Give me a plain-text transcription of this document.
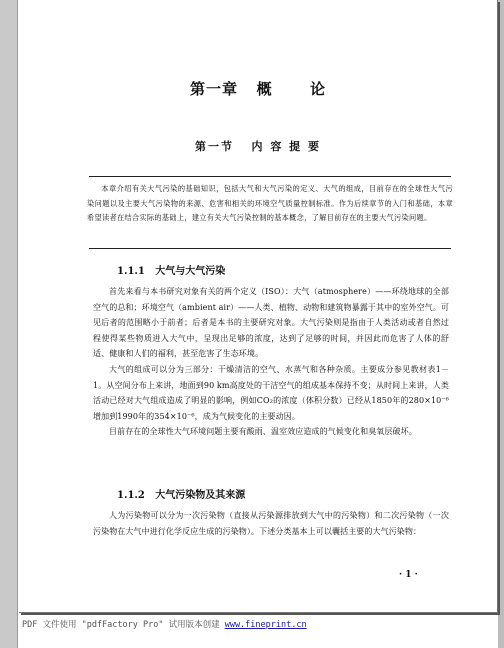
第一章   概      论
第一节   内 容 提 要

本章介绍有关大气污染的基础知识，包括大气和大气污染的定义、大气的组成，目前存在的全球性大气污染问题以及主要大气污染物的来源、危害和相关的环境空气质量控制标准。作为后续章节的入门和基础，本章希望读者在结合实际的基础上，建立有关大气污染控制的基本概念，了解目前存在的主要大气污染问题。

1.1.1   大气与大气污染

首先来看与本书研究对象有关的两个定义（ISO）：大气（atmosphere）——环绕地球的全部空气的总和；环境空气（ambient air）——人类、植物、动物和建筑物暴露于其中的室外空气。可见后者的范围略小于前者；后者是本书的主要研究对象。大气污染则是指由于人类活动或者自然过程使得某些物质进入大气中，呈现出足够的浓度，达到了足够的时间，并因此而危害了人体的舒适、健康和人们的福利，甚至危害了生态环境。

大气的组成可以分为三部分：干燥清洁的空气、水蒸气和各种杂质。主要成分参见教材表1－1。从空间分布上来讲，地面到90 km高度处的干洁空气的组成基本保持不变；从时间上来讲，人类活动已经对大气组成造成了明显的影响，例如CO₂的浓度（体积分数）已经从1850年的280×10⁻⁶增加到1990年的354×10⁻⁶，成为气候变化的主要动因。

目前存在的全球性大气环境问题主要有酸雨、温室效应造成的气候变化和臭氧层破坏。

1.1.2   大气污染物及其来源

人为污染物可以分为一次污染物（直接从污染源排放到大气中的污染物）和二次污染物（一次污染物在大气中进行化学反应生成的污染物）。下述分类基本上可以囊括主要的大气污染物：

· 1 ·
PDF 文件使用 "pdfFactory Pro" 试用版本创建 www.fineprint.cn
